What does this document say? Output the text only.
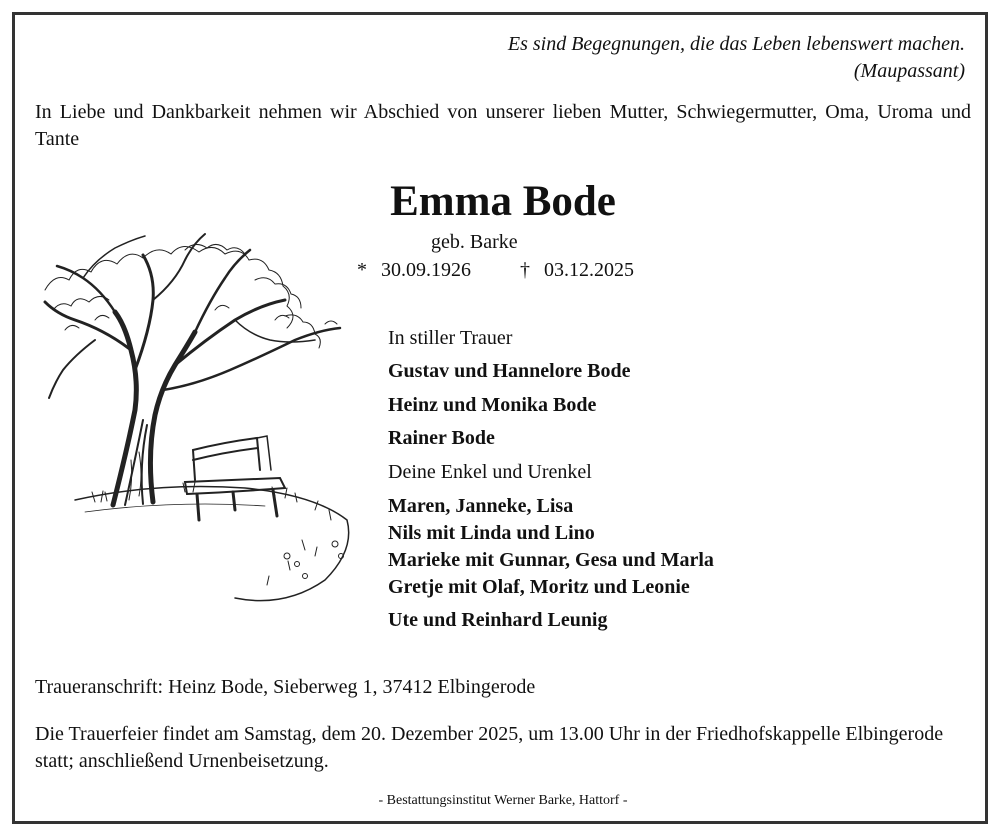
Es sind Begegnungen, die das Leben lebenswert machen.
(Maupassant)
In Liebe und Dankbarkeit nehmen wir Abschied von unserer lieben Mutter, Schwiegermutter, Oma, Uroma und Tante
Emma Bode
geb. Barke
* 30.09.1926 † 03.12.2025
In stiller Trauer
Gustav und Hannelore Bode
Heinz und Monika Bode
Rainer Bode
Deine Enkel und Urenkel
Maren, Janneke, Lisa
Nils mit Linda und Lino
Marieke mit Gunnar, Gesa und Marla
Gretje mit Olaf, Moritz und Leonie
Ute und Reinhard Leunig
Traueranschrift: Heinz Bode, Sieberweg 1, 37412 Elbingerode
Die Trauerfeier findet am Samstag, dem 20. Dezember 2025, um 13.00 Uhr in der Friedhofskappelle Elbingerode statt; anschließend Urnenbeisetzung.
- Bestattungsinstitut Werner Barke, Hattorf -
